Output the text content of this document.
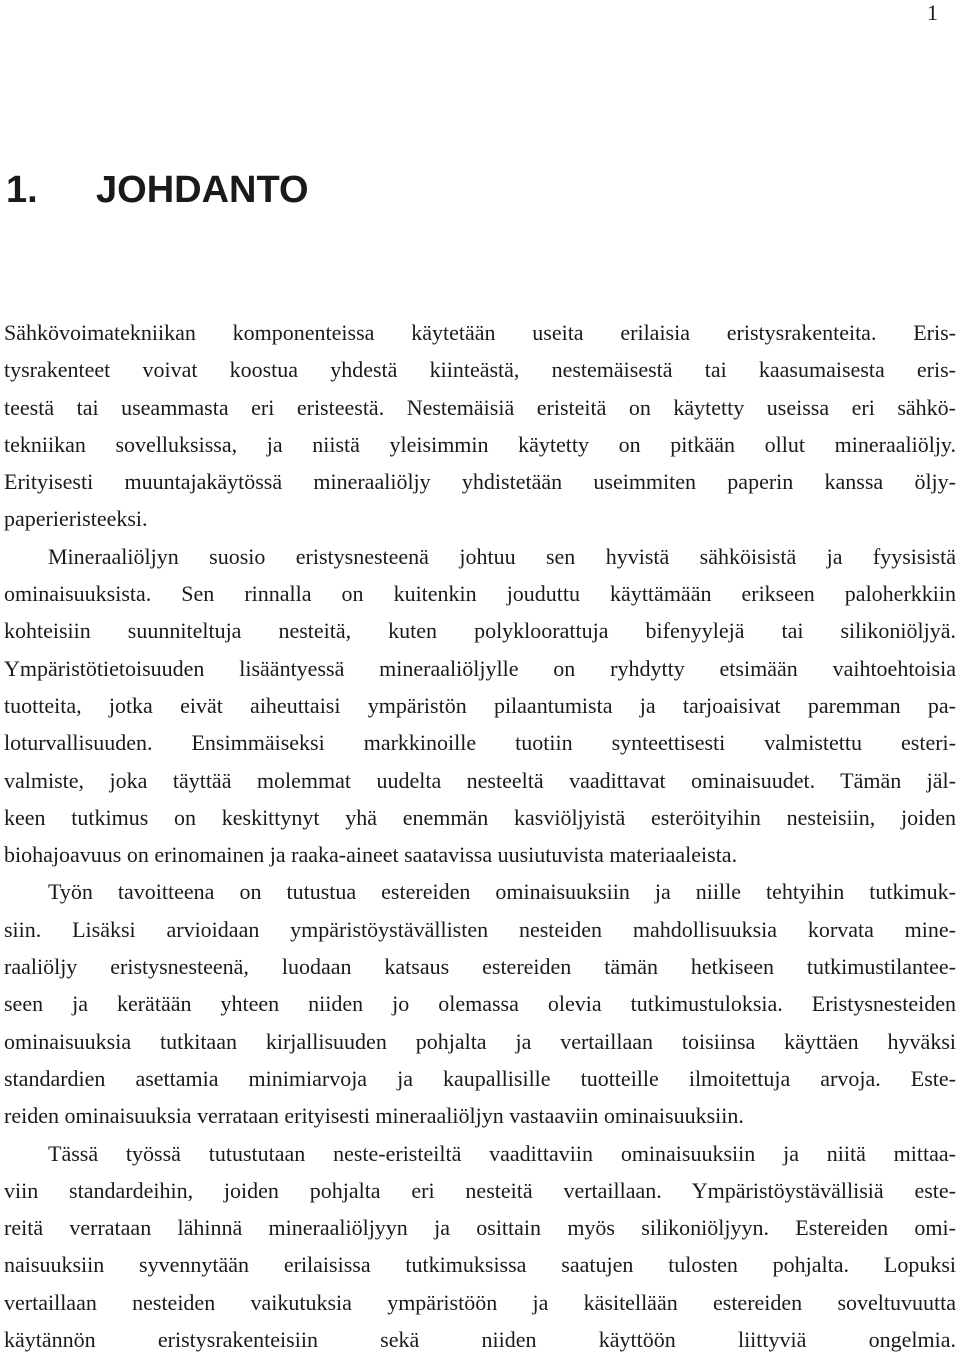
1
1. JOHDANTO
Sähkövoimatekniikan komponenteissa käytetään useita erilaisia eristysrakenteita. Eris-
tysrakenteet voivat koostua yhdestä kiinteästä, nestemäisestä tai kaasumaisesta eris-
teestä tai useammasta eri eristeestä. Nestemäisiä eristeitä on käytetty useissa eri sähkö-
tekniikan sovelluksissa, ja niistä yleisimmin käytetty on pitkään ollut mineraaliöljy.
Erityisesti muuntajakäytössä mineraaliöljy yhdistetään useimmiten paperin kanssa öljy-
paperieristeeksi.
Mineraaliöljyn suosio eristysnesteenä johtuu sen hyvistä sähköisistä ja fyysisistä
ominaisuuksista. Sen rinnalla on kuitenkin jouduttu käyttämään erikseen paloherkkiin
kohteisiin suunniteltuja nesteitä, kuten polykloorattuja bifenyylejä tai silikoniöljyä.
Ympäristötietoisuuden lisääntyessä mineraaliöljylle on ryhdytty etsimään vaihtoehtoisia
tuotteita, jotka eivät aiheuttaisi ympäristön pilaantumista ja tarjoaisivat paremman pa-
loturvallisuuden. Ensimmäiseksi markkinoille tuotiin synteettisesti valmistettu esteri-
valmiste, joka täyttää molemmat uudelta nesteeltä vaadittavat ominaisuudet. Tämän jäl-
keen tutkimus on keskittynyt yhä enemmän kasviöljyistä esteröityihin nesteisiin, joiden
biohajoavuus on erinomainen ja raaka-aineet saatavissa uusiutuvista materiaaleista.
Työn tavoitteena on tutustua estereiden ominaisuuksiin ja niille tehtyihin tutkimuk-
siin. Lisäksi arvioidaan ympäristöystävällisten nesteiden mahdollisuuksia korvata mine-
raaliöljy eristysnesteenä, luodaan katsaus estereiden tämän hetkiseen tutkimustilantee-
seen ja kerätään yhteen niiden jo olemassa olevia tutkimustuloksia. Eristysnesteiden
ominaisuuksia tutkitaan kirjallisuuden pohjalta ja vertaillaan toisiinsa käyttäen hyväksi
standardien asettamia minimiarvoja ja kaupallisille tuotteille ilmoitettuja arvoja. Este-
reiden ominaisuuksia verrataan erityisesti mineraaliöljyn vastaaviin ominaisuuksiin.
Tässä työssä tutustutaan neste-eristeiltä vaadittaviin ominaisuuksiin ja niitä mittaa-
viin standardeihin, joiden pohjalta eri nesteitä vertaillaan. Ympäristöystävällisiä este-
reitä verrataan lähinnä mineraaliöljyyn ja osittain myös silikoniöljyyn. Estereiden omi-
naisuuksiin syvennytään erilaisissa tutkimuksissa saatujen tulosten pohjalta. Lopuksi
vertaillaan nesteiden vaikutuksia ympäristöön ja käsitellään estereiden soveltuvuutta
käytännön eristysrakenteisiin sekä niiden käyttöön liittyviä ongelmia.
